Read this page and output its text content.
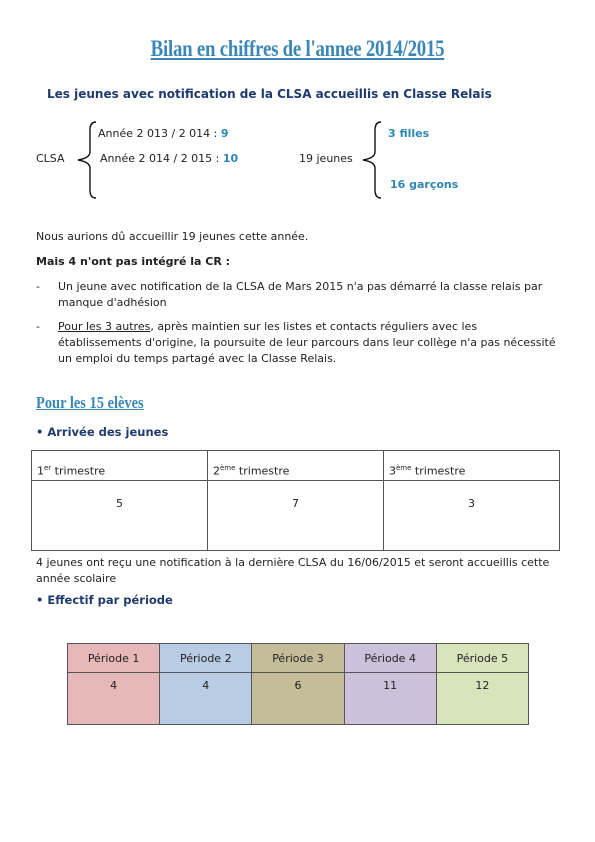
Bilan en chiffres de l'annee 2014/2015
Les jeunes avec notification de la CLSA accueillis en Classe Relais
Année 2 013 / 2 014 : 9
CLSA	Année 2 014 / 2 015 : 10	19 jeunes
3 filles
16 garçons
Nous aurions dû accueillir 19 jeunes cette année.
Mais 4 n'ont pas intégré la CR :
- Un jeune avec notification de la CLSA de Mars 2015 n'a pas démarré la classe relais par manque d'adhésion
- Pour les 3 autres, après maintien sur les listes et contacts réguliers avec les établissements d'origine, la poursuite de leur parcours dans leur collège n'a pas nécessité un emploi du temps partagé avec la Classe Relais.
Pour les 15 elèves
• Arrivée des jeunes
1er trimestre	2ème trimestre	3ème trimestre
5	7	3
4 jeunes ont reçu une notification à la dernière CLSA du 16/06/2015 et seront accueillis cette année scolaire
• Effectif par période
Période 1	Période 2	Période 3	Période 4	Période 5
4	4	6	11	12
